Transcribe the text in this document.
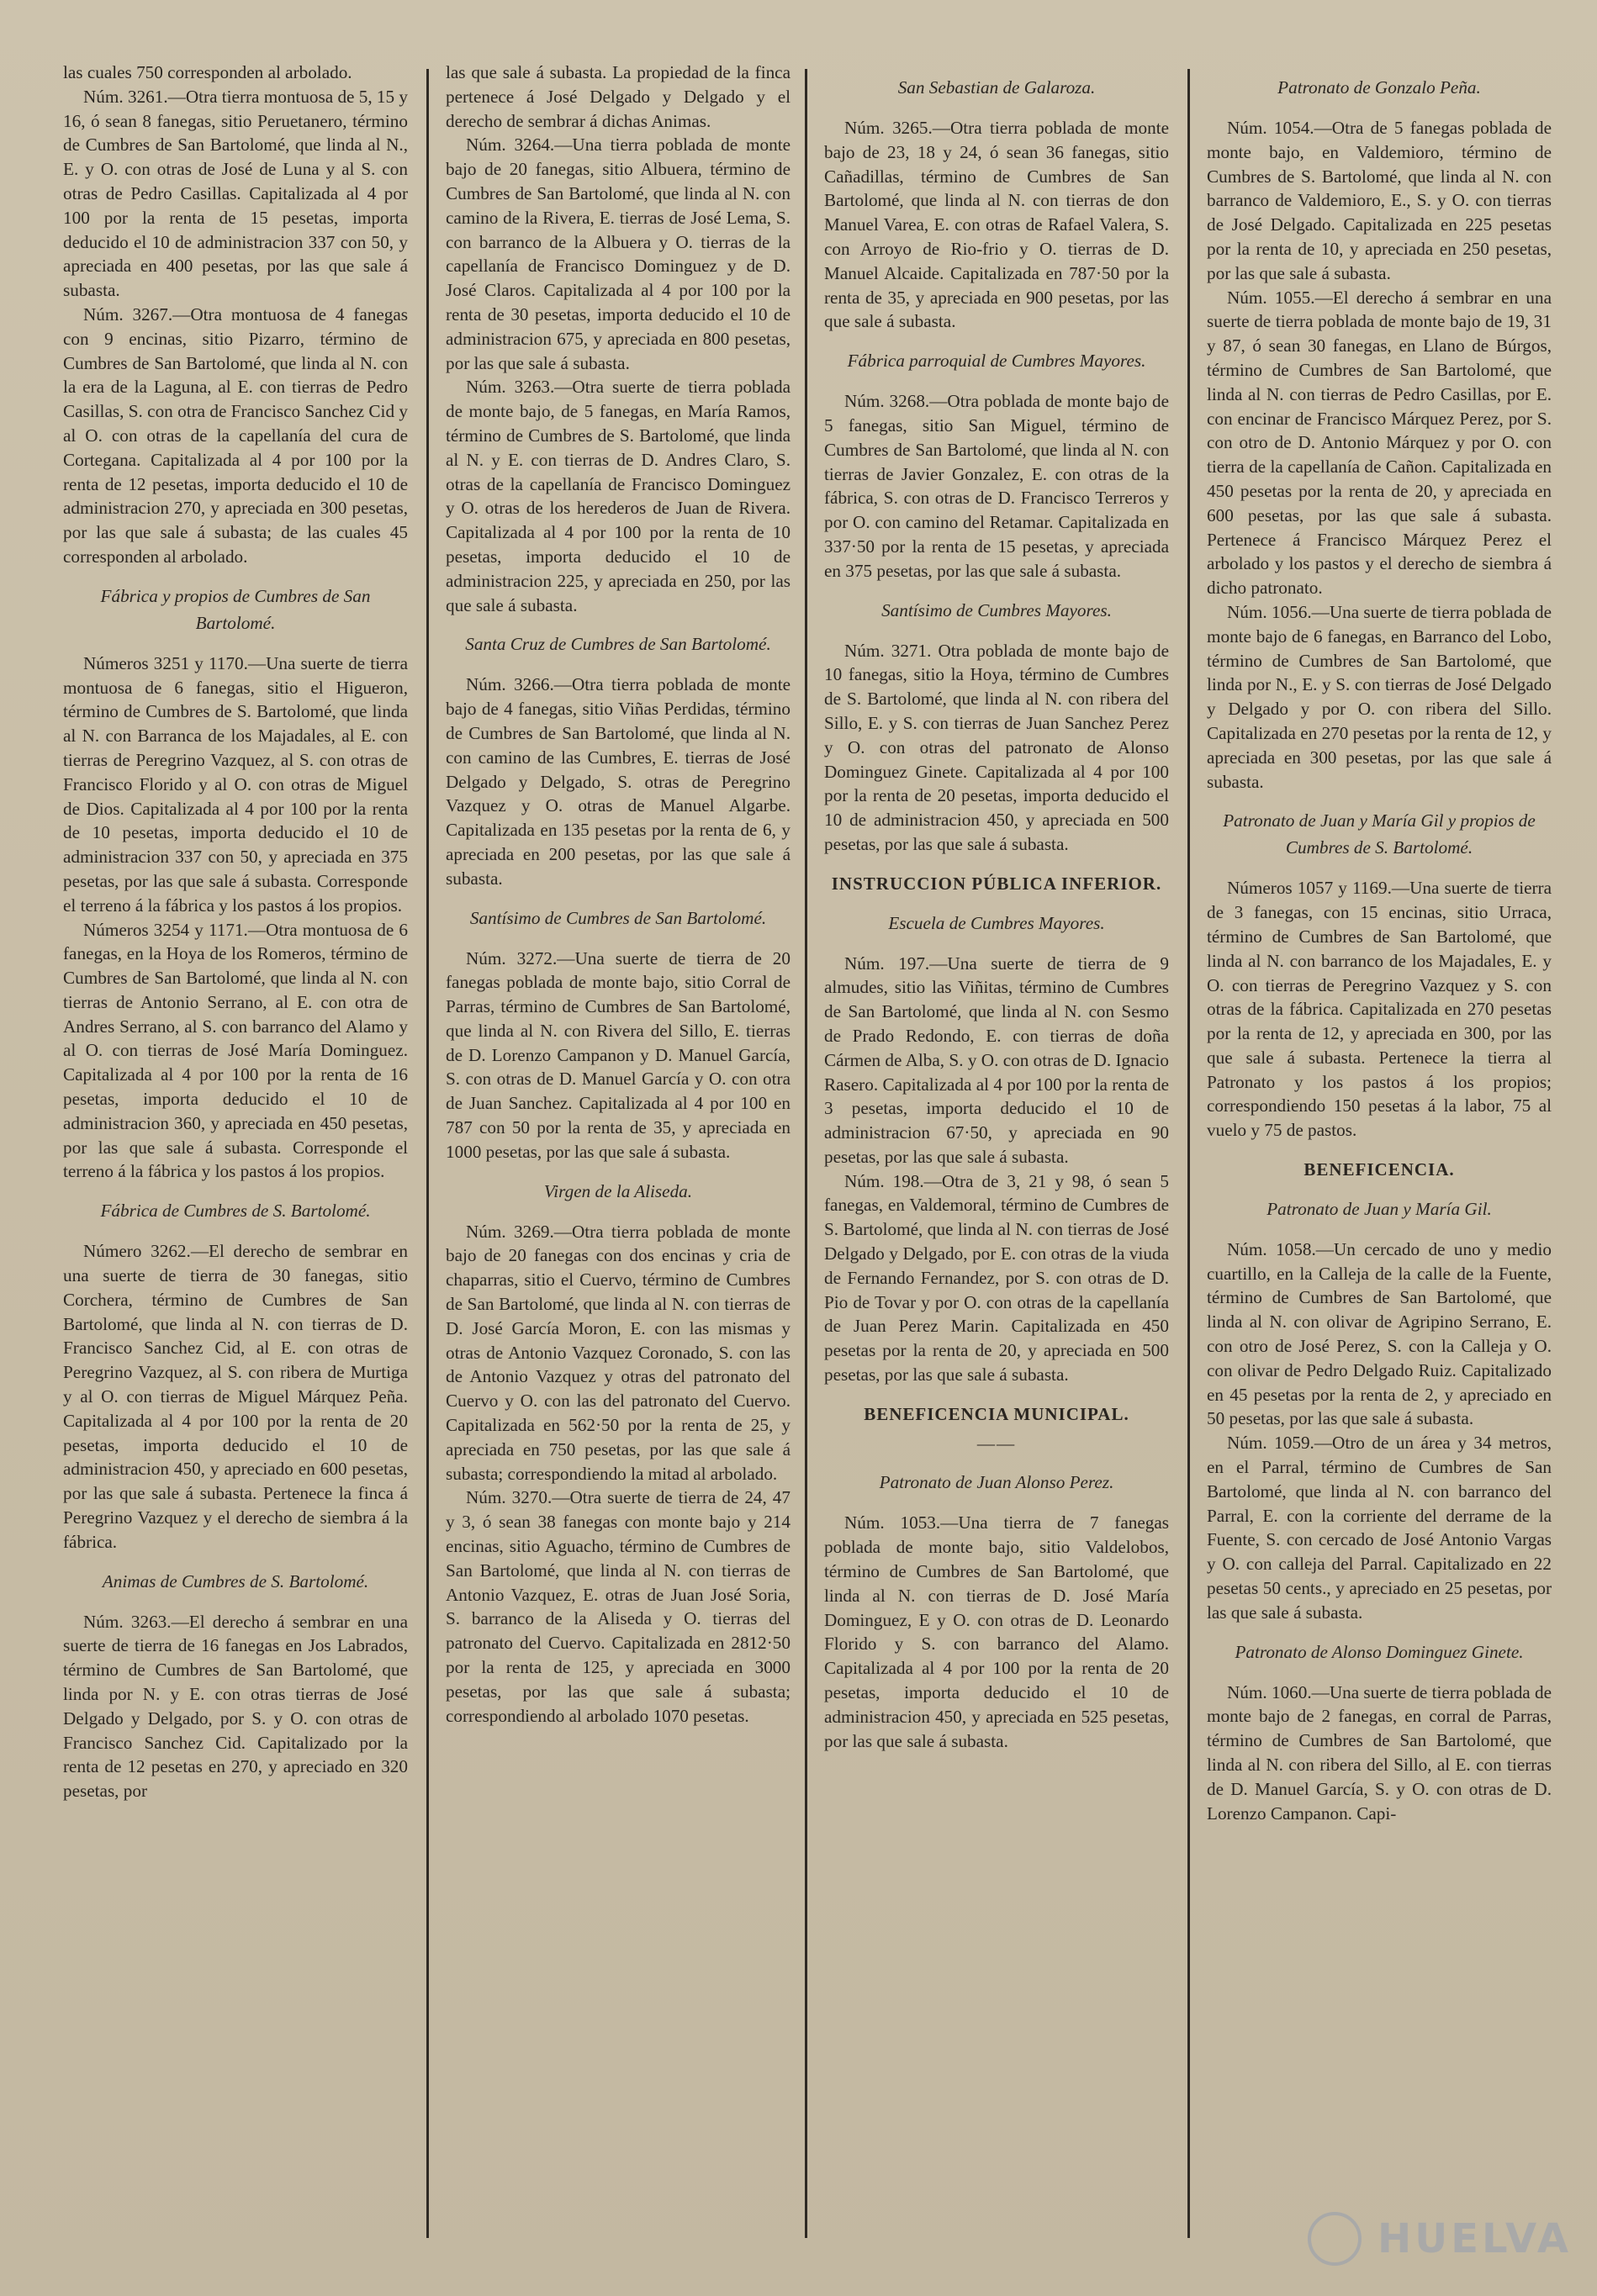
las cuales 750 corresponden al arbolado.

Núm. 3261.—Otra tierra montuosa de 5, 15 y 16, ó sean 8 fanegas, sitio Peruetanero, término de Cumbres de San Bartolomé, que linda al N., E. y O. con otras de José de Luna y al S. con otras de Pedro Casillas. Capitalizada al 4 por 100 por la renta de 15 pesetas, importa deducido el 10 de administracion 337 con 50, y apreciada en 400 pesetas, por las que sale á subasta.

Núm. 3267.—Otra montuosa de 4 fanegas con 9 encinas, sitio Pizarro, término de Cumbres de San Bartolomé, que linda al N. con la era de la Laguna, al E. con tierras de Pedro Casillas, S. con otra de Francisco Sanchez Cid y al O. con otras de la capellanía del cura de Cortegana. Capitalizada al 4 por 100 por la renta de 12 pesetas, importa deducido el 10 de administracion 270, y apreciada en 300 pesetas, por las que sale á subasta; de las cuales 45 corresponden al arbolado.

Fábrica y propios de Cumbres de San Bartolomé.

Números 3251 y 1170.—Una suerte de tierra montuosa de 6 fanegas, sitio el Higueron, término de Cumbres de S. Bartolomé, que linda al N. con Barranca de los Majadales, al E. con tierras de Peregrino Vazquez, al S. con otras de Francisco Florido y al O. con otras de Miguel de Dios. Capitalizada al 4 por 100 por la renta de 10 pesetas, importa deducido el 10 de administracion 337 con 50, y apreciada en 375 pesetas, por las que sale á subasta. Corresponde el terreno á la fábrica y los pastos á los propios.

Números 3254 y 1171.—Otra montuosa de 6 fanegas, en la Hoya de los Romeros, término de Cumbres de San Bartolomé, que linda al N. con tierras de Antonio Serrano, al E. con otra de Andres Serrano, al S. con barranco del Alamo y al O. con tierras de José María Dominguez. Capitalizada al 4 por 100 por la renta de 16 pesetas, importa deducido el 10 de administracion 360, y apreciada en 450 pesetas, por las que sale á subasta. Corresponde el terreno á la fábrica y los pastos á los propios.

Fábrica de Cumbres de S. Bartolomé.

Número 3262.—El derecho de sembrar en una suerte de tierra de 30 fanegas, sitio Corchera, término de Cumbres de San Bartolomé, que linda al N. con tierras de D. Francisco Sanchez Cid, al E. con otras de Peregrino Vazquez, al S. con ribera de Murtiga y al O. con tierras de Miguel Márquez Peña. Capitalizada al 4 por 100 por la renta de 20 pesetas, importa deducido el 10 de administracion 450, y apreciado en 600 pesetas, por las que sale á subasta. Pertenece la finca á Peregrino Vazquez y el derecho de siembra á la fábrica.

Animas de Cumbres de S. Bartolomé.

Núm. 3263.—El derecho á sembrar en una suerte de tierra de 16 fanegas en Jos Labrados, término de Cumbres de San Bartolomé, que linda por N. y E. con otras tierras de José Delgado y Delgado, por S. y O. con otras de Francisco Sanchez Cid. Capitalizado por la renta de 12 pesetas en 270, y apreciado en 320 pesetas, por

las que sale á subasta. La propiedad de la finca pertenece á José Delgado y Delgado y el derecho de sembrar á dichas Animas.

Núm. 3264.—Una tierra poblada de monte bajo de 20 fanegas, sitio Albuera, término de Cumbres de San Bartolomé, que linda al N. con camino de la Rivera, E. tierras de José Lema, S. con barranco de la Albuera y O. tierras de la capellanía de Francisco Dominguez y de D. José Claros. Capitalizada al 4 por 100 por la renta de 30 pesetas, importa deducido el 10 de administracion 675, y apreciada en 800 pesetas, por las que sale á subasta.

Núm. 3263.—Otra suerte de tierra poblada de monte bajo, de 5 fanegas, en María Ramos, término de Cumbres de S. Bartolomé, que linda al N. y E. con tierras de D. Andres Claro, S. otras de la capellanía de Francisco Dominguez y O. otras de los herederos de Juan de Rivera. Capitalizada al 4 por 100 por la renta de 10 pesetas, importa deducido el 10 de administracion 225, y apreciada en 250, por las que sale á subasta.

Santa Cruz de Cumbres de San Bartolomé.

Núm. 3266.—Otra tierra poblada de monte bajo de 4 fanegas, sitio Viñas Perdidas, término de Cumbres de San Bartolomé, que linda al N. con camino de las Cumbres, E. tierras de José Delgado y Delgado, S. otras de Peregrino Vazquez y O. otras de Manuel Algarbe. Capitalizada en 135 pesetas por la renta de 6, y apreciada en 200 pesetas, por las que sale á subasta.

Santísimo de Cumbres de San Bartolomé.

Núm. 3272.—Una suerte de tierra de 20 fanegas poblada de monte bajo, sitio Corral de Parras, término de Cumbres de San Bartolomé, que linda al N. con Rivera del Sillo, E. tierras de D. Lorenzo Campanon y D. Manuel García, S. con otras de D. Manuel García y O. con otra de Juan Sanchez. Capitalizada al 4 por 100 en 787 con 50 por la renta de 35, y apreciada en 1000 pesetas, por las que sale á subasta.

Virgen de la Aliseda.

Núm. 3269.—Otra tierra poblada de monte bajo de 20 fanegas con dos encinas y cria de chaparras, sitio el Cuervo, término de Cumbres de San Bartolomé, que linda al N. con tierras de D. José García Moron, E. con las mismas y otras de Antonio Vazquez Coronado, S. con las de Antonio Vazquez y otras del patronato del Cuervo y O. con las del patronato del Cuervo. Capitalizada en 562·50 por la renta de 25, y apreciada en 750 pesetas, por las que sale á subasta; correspondiendo la mitad al arbolado.

Núm. 3270.—Otra suerte de tierra de 24, 47 y 3, ó sean 38 fanegas con monte bajo y 214 encinas, sitio Aguacho, término de Cumbres de San Bartolomé, que linda al N. con tierras de Antonio Vazquez, E. otras de Juan José Soria, S. barranco de la Aliseda y O. tierras del patronato del Cuervo. Capitalizada en 2812·50 por la renta de 125, y apreciada en 3000 pesetas, por las que sale á subasta; correspondiendo al arbolado 1070 pesetas.

San Sebastian de Galaroza.

Núm. 3265.—Otra tierra poblada de monte bajo de 23, 18 y 24, ó sean 36 fanegas, sitio Cañadillas, término de Cumbres de San Bartolomé, que linda al N. con tierras de don Manuel Varea, E. con otras de Rafael Valera, S. con Arroyo de Rio-frio y O. tierras de D. Manuel Alcaide. Capitalizada en 787·50 por la renta de 35, y apreciada en 900 pesetas, por las que sale á subasta.

Fábrica parroquial de Cumbres Mayores.

Núm. 3268.—Otra poblada de monte bajo de 5 fanegas, sitio San Miguel, término de Cumbres de San Bartolomé, que linda al N. con tierras de Javier Gonzalez, E. con otras de la fábrica, S. con otras de D. Francisco Terreros y por O. con camino del Retamar. Capitalizada en 337·50 por la renta de 15 pesetas, y apreciada en 375 pesetas, por las que sale á subasta.

Santísimo de Cumbres Mayores.

Núm. 3271. Otra poblada de monte bajo de 10 fanegas, sitio la Hoya, término de Cumbres de S. Bartolomé, que linda al N. con ribera del Sillo, E. y S. con tierras de Juan Sanchez Perez y O. con otras del patronato de Alonso Dominguez Ginete. Capitalizada al 4 por 100 por la renta de 20 pesetas, importa deducido el 10 de administracion 450, y apreciada en 500 pesetas, por las que sale á subasta.

INSTRUCCION PÚBLICA INFERIOR.
Escuela de Cumbres Mayores.

Núm. 197.—Una suerte de tierra de 9 almudes, sitio las Viñitas, término de Cumbres de San Bartolomé, que linda al N. con Sesmo de Prado Redondo, E. con tierras de doña Cármen de Alba, S. y O. con otras de D. Ignacio Rasero. Capitalizada al 4 por 100 por la renta de 3 pesetas, importa deducido el 10 de administracion 67·50, y apreciada en 90 pesetas, por las que sale á subasta.

Núm. 198.—Otra de 3, 21 y 98, ó sean 5 fanegas, en Valdemoral, término de Cumbres de S. Bartolomé, que linda al N. con tierras de José Delgado y Delgado, por E. con otras de la viuda de Fernando Fernandez, por S. con otras de D. Pio de Tovar y por O. con otras de la capellanía de Juan Perez Marin. Capitalizada en 450 pesetas por la renta de 20, y apreciada en 500 pesetas, por las que sale á subasta.

BENEFICENCIA MUNICIPAL.
——
Patronato de Juan Alonso Perez.

Núm. 1053.—Una tierra de 7 fanegas poblada de monte bajo, sitio Valdelobos, término de Cumbres de San Bartolomé, que linda al N. con tierras de D. José María Dominguez, E y O. con otras de D. Leonardo Florido y S. con barranco del Alamo. Capitalizada al 4 por 100 por la renta de 20 pesetas, importa deducido el 10 de administracion 450, y apreciada en 525 pesetas, por las que sale á subasta.

Patronato de Gonzalo Peña.

Núm. 1054.—Otra de 5 fanegas poblada de monte bajo, en Valdemioro, término de Cumbres de S. Bartolomé, que linda al N. con barranco de Valdemioro, E., S. y O. con tierras de José Delgado. Capitalizada en 225 pesetas por la renta de 10, y apreciada en 250 pesetas, por las que sale á subasta.

Núm. 1055.—El derecho á sembrar en una suerte de tierra poblada de monte bajo de 19, 31 y 87, ó sean 30 fanegas, en Llano de Búrgos, término de Cumbres de San Bartolomé, que linda al N. con tierras de Pedro Casillas, por E. con encinar de Francisco Márquez Perez, por S. con otro de D. Antonio Márquez y por O. con tierra de la capellanía de Cañon. Capitalizada en 450 pesetas por la renta de 20, y apreciada en 600 pesetas, por las que sale á subasta. Pertenece á Francisco Márquez Perez el arbolado y los pastos y el derecho de siembra á dicho patronato.

Núm. 1056.—Una suerte de tierra poblada de monte bajo de 6 fanegas, en Barranco del Lobo, término de Cumbres de San Bartolomé, que linda por N., E. y S. con tierras de José Delgado y Delgado y por O. con ribera del Sillo. Capitalizada en 270 pesetas por la renta de 12, y apreciada en 300 pesetas, por las que sale á subasta.

Patronato de Juan y María Gil y propios de Cumbres de S. Bartolomé.

Números 1057 y 1169.—Una suerte de tierra de 3 fanegas, con 15 encinas, sitio Urraca, término de Cumbres de San Bartolomé, que linda al N. con barranco de los Majadales, E. y O. con tierras de Peregrino Vazquez y S. con otras de la fábrica. Capitalizada en 270 pesetas por la renta de 12, y apreciada en 300, por las que sale á subasta. Pertenece la tierra al Patronato y los pastos á los propios; correspondiendo 150 pesetas á la labor, 75 al vuelo y 75 de pastos.

BENEFICENCIA.
Patronato de Juan y María Gil.

Núm. 1058.—Un cercado de uno y medio cuartillo, en la Calleja de la calle de la Fuente, término de Cumbres de San Bartolomé, que linda al N. con olivar de Agripino Serrano, E. con otro de José Perez, S. con la Calleja y O. con olivar de Pedro Delgado Ruiz. Capitalizado en 45 pesetas por la renta de 2, y apreciado en 50 pesetas, por las que sale á subasta.

Núm. 1059.—Otro de un área y 34 metros, en el Parral, término de Cumbres de San Bartolomé, que linda al N. con barranco del Parral, E. con la corriente del derrame de la Fuente, S. con cercado de José Antonio Vargas y O. con calleja del Parral. Capitalizado en 22 pesetas 50 cents., y apreciado en 25 pesetas, por las que sale á subasta.

Patronato de Alonso Dominguez Ginete.

Núm. 1060.—Una suerte de tierra poblada de monte bajo de 2 fanegas, en corral de Parras, término de Cumbres de San Bartolomé, que linda al N. con ribera del Sillo, al E. con tierras de D. Manuel García, S. y O. con otras de D. Lorenzo Campanon. Capi-

HUELVA
